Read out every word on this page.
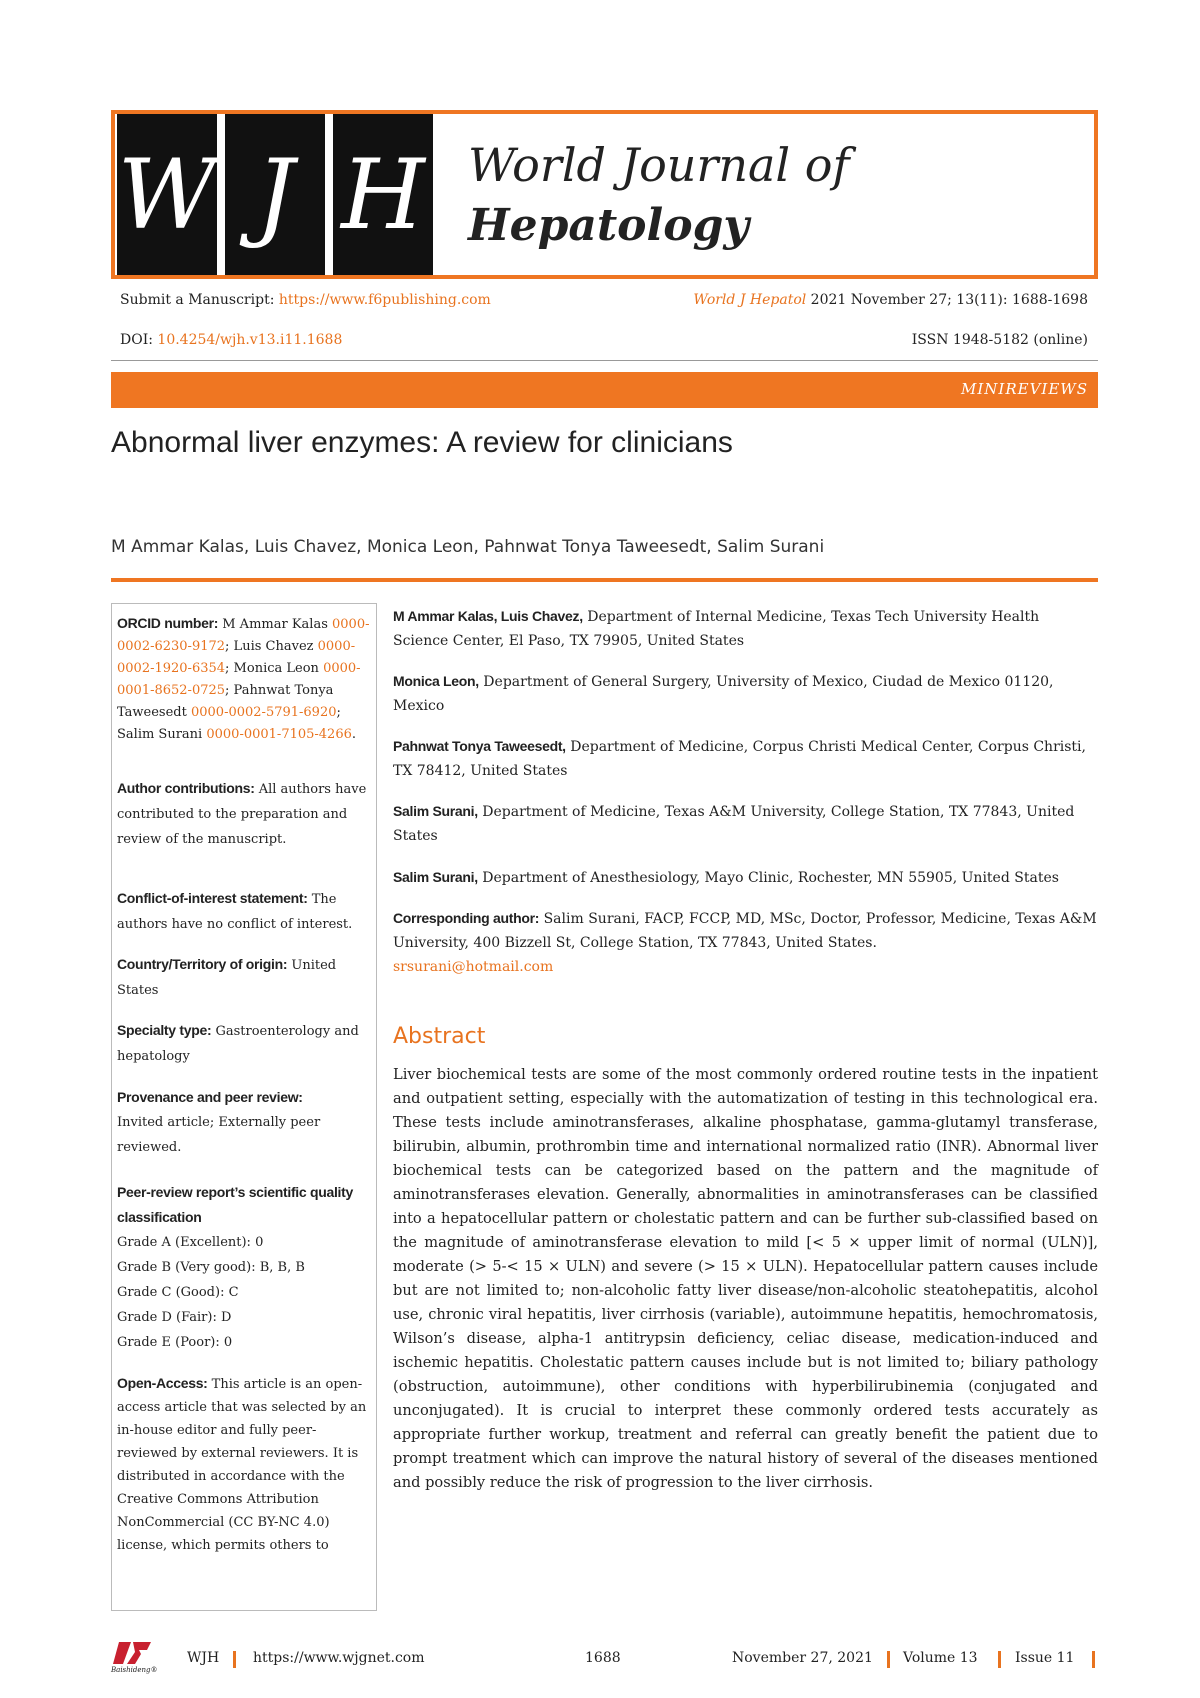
W J H World Journal of
Hepatology
Submit a Manuscript: https://www.f6publishing.com	World J Hepatol 2021 November 27; 13(11): 1688-1698
DOI: 10.4254/wjh.v13.i11.1688	ISSN 1948-5182 (online)
MINIREVIEWS
Abnormal liver enzymes: A review for clinicians
M Ammar Kalas, Luis Chavez, Monica Leon, Pahnwat Tonya Taweesedt, Salim Surani
ORCID number: M Ammar Kalas 0000-0002-6230-9172; Luis Chavez 0000-0002-1920-6354; Monica Leon 0000-0001-8652-0725; Pahnwat Tonya Taweesedt 0000-0002-5791-6920; Salim Surani 0000-0001-7105-4266.
Author contributions: All authors have contributed to the preparation and review of the manuscript.
Conflict-of-interest statement: The authors have no conflict of interest.
Country/Territory of origin: United States
Specialty type: Gastroenterology and hepatology
Provenance and peer review:
Invited article; Externally peer reviewed.
Peer-review report’s scientific quality classification
Grade A (Excellent): 0
Grade B (Very good): B, B, B
Grade C (Good): C
Grade D (Fair): D
Grade E (Poor): 0
Open-Access: This article is an open-access article that was selected by an in-house editor and fully peer-reviewed by external reviewers. It is distributed in accordance with the Creative Commons Attribution NonCommercial (CC BY-NC 4.0) license, which permits others to
M Ammar Kalas, Luis Chavez, Department of Internal Medicine, Texas Tech University Health Science Center, El Paso, TX 79905, United States
Monica Leon, Department of General Surgery, University of Mexico, Ciudad de Mexico 01120, Mexico
Pahnwat Tonya Taweesedt, Department of Medicine, Corpus Christi Medical Center, Corpus Christi, TX 78412, United States
Salim Surani, Department of Medicine, Texas A&M University, College Station, TX 77843, United States
Salim Surani, Department of Anesthesiology, Mayo Clinic, Rochester, MN 55905, United States
Corresponding author: Salim Surani, FACP, FCCP, MD, MSc, Doctor, Professor, Medicine, Texas A&M University, 400 Bizzell St, College Station, TX 77843, United States.
srsurani@hotmail.com
Abstract
Liver biochemical tests are some of the most commonly ordered routine tests in the inpatient and outpatient setting, especially with the automatization of testing in this technological era. These tests include aminotransferases, alkaline phosphatase, gamma-glutamyl transferase, bilirubin, albumin, prothrombin time and international normalized ratio (INR). Abnormal liver biochemical tests can be categorized based on the pattern and the magnitude of aminotransferases elevation. Generally, abnormalities in aminotransferases can be classified into a hepatocellular pattern or cholestatic pattern and can be further sub-classified based on the magnitude of aminotransferase elevation to mild [< 5 × upper limit of normal (ULN)], moderate (> 5-< 15 × ULN) and severe (> 15 × ULN). Hepatocellular pattern causes include but are not limited to; non-alcoholic fatty liver disease/non-alcoholic steatohepatitis, alcohol use, chronic viral hepatitis, liver cirrhosis (variable), autoimmune hepatitis, hemochromatosis, Wilson’s disease, alpha-1 antitrypsin deficiency, celiac disease, medication-induced and ischemic hepatitis. Cholestatic pattern causes include but is not limited to; biliary pathology (obstruction, autoimmune), other conditions with hyperbilirubinemia (conjugated and unconjugated). It is crucial to interpret these commonly ordered tests accurately as appropriate further workup, treatment and referral can greatly benefit the patient due to prompt treatment which can improve the natural history of several of the diseases mentioned and possibly reduce the risk of progression to the liver cirrhosis.
Baishideng®
WJH https://www.wjgnet.com	1688	November 27, 2021 Volume 13	Issue 11
